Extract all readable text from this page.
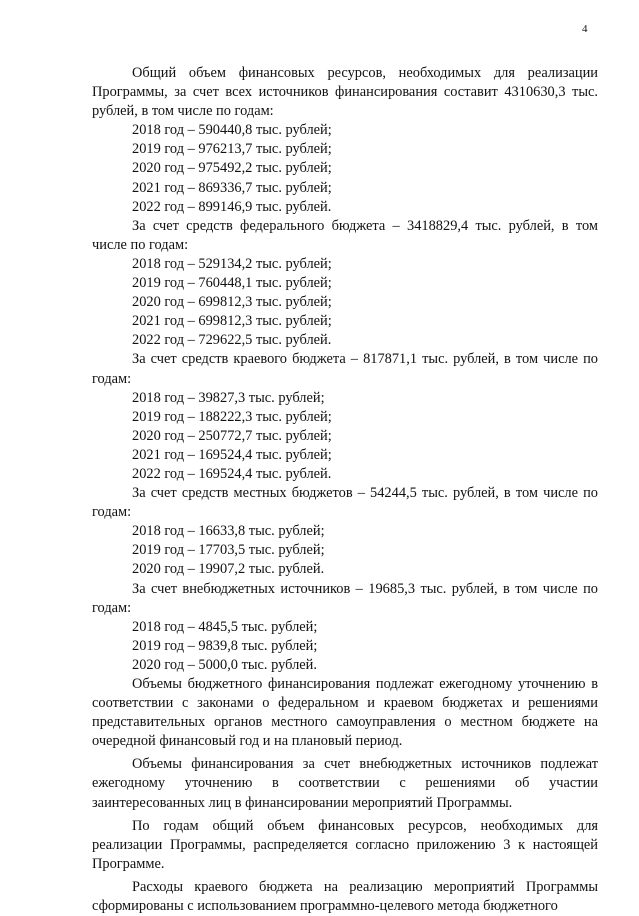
4

Общий объем финансовых ресурсов, необходимых для реализации Программы, за счет всех источников финансирования составит 4310630,3 тыс. рублей, в том числе по годам:

2018 год – 590440,8 тыс. рублей;

2019 год – 976213,7 тыс. рублей;

2020 год – 975492,2 тыс. рублей;

2021 год – 869336,7 тыс. рублей;

2022 год – 899146,9 тыс. рублей.

За счет средств федерального бюджета – 3418829,4 тыс. рублей, в том числе по годам:

2018 год – 529134,2 тыс. рублей;

2019 год – 760448,1 тыс. рублей;

2020 год – 699812,3 тыс. рублей;

2021 год – 699812,3 тыс. рублей;

2022 год – 729622,5 тыс. рублей.

За счет средств краевого бюджета – 817871,1 тыс. рублей, в том числе по годам:

2018 год – 39827,3 тыс. рублей;

2019 год – 188222,3 тыс. рублей;

2020 год – 250772,7 тыс. рублей;

2021 год – 169524,4 тыс. рублей;

2022 год – 169524,4 тыс. рублей.

За счет средств местных бюджетов – 54244,5 тыс. рублей, в том числе по годам:

2018 год – 16633,8 тыс. рублей;

2019 год – 17703,5 тыс. рублей;

2020 год – 19907,2 тыс. рублей.

За счет внебюджетных источников – 19685,3 тыс. рублей, в том числе по годам:

2018 год – 4845,5 тыс. рублей;

2019 год – 9839,8 тыс. рублей;

2020 год – 5000,0 тыс. рублей.

Объемы бюджетного финансирования подлежат ежегодному уточнению в соответствии с законами о федеральном и краевом бюджетах и решениями представительных органов местного самоуправления о местном бюджете на очередной финансовый год и на плановый период.

Объемы финансирования за счет внебюджетных источников подлежат ежегодному уточнению в соответствии с решениями об участии заинтересованных лиц в финансировании мероприятий Программы.

По годам общий объем финансовых ресурсов, необходимых для реализации Программы, распределяется согласно приложению 3 к настоящей Программе.

Расходы краевого бюджета на реализацию мероприятий Программы сформированы с использованием программно-целевого метода бюджетного
